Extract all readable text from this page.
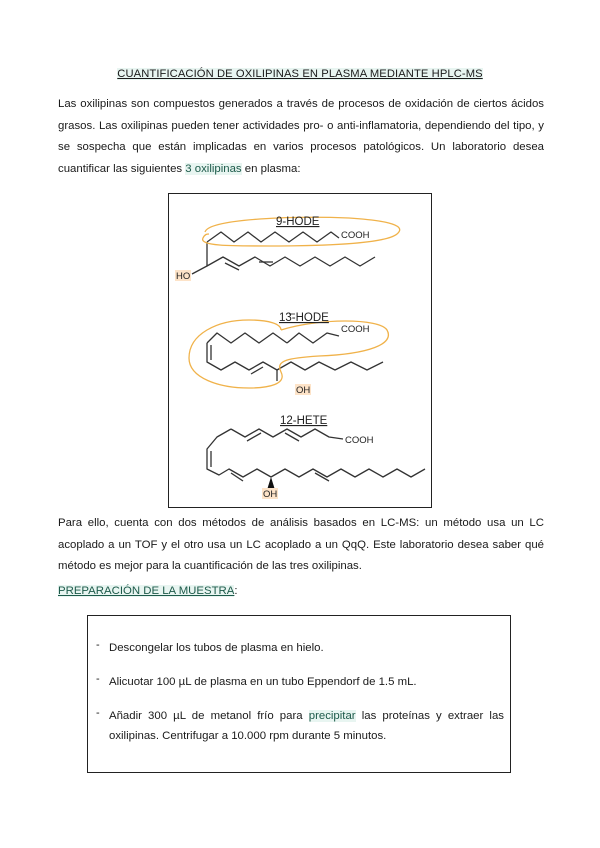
CUANTIFICACIÓN DE OXILIPINAS EN PLASMA MEDIANTE HPLC-MS
Las oxilipinas son compuestos generados a través de procesos de oxidación de ciertos ácidos grasos. Las oxilipinas pueden tener actividades pro- o anti-inflamatoria, dependiendo del tipo, y se sospecha que están implicadas en varios procesos patológicos. Un laboratorio desea cuantificar las siguientes 3 oxilipinas en plasma:
9-HODE
13-HODE
12-HETE
COOH
HO
COOH
OH
COOH
OH
Para ello, cuenta con dos métodos de análisis basados en LC-MS: un método usa un LC acoplado a un TOF y el otro usa un LC acoplado a un QqQ. Este laboratorio desea saber qué método es mejor para la cuantificación de las tres oxilipinas.
PREPARACIÓN DE LA MUESTRA:
- Descongelar los tubos de plasma en hielo.
- Alicuotar 100 µL de plasma en un tubo Eppendorf de 1.5 mL.
- Añadir 300 µL de metanol frío para precipitar las proteínas y extraer las oxilipinas. Centrifugar a 10.000 rpm durante 5 minutos.
